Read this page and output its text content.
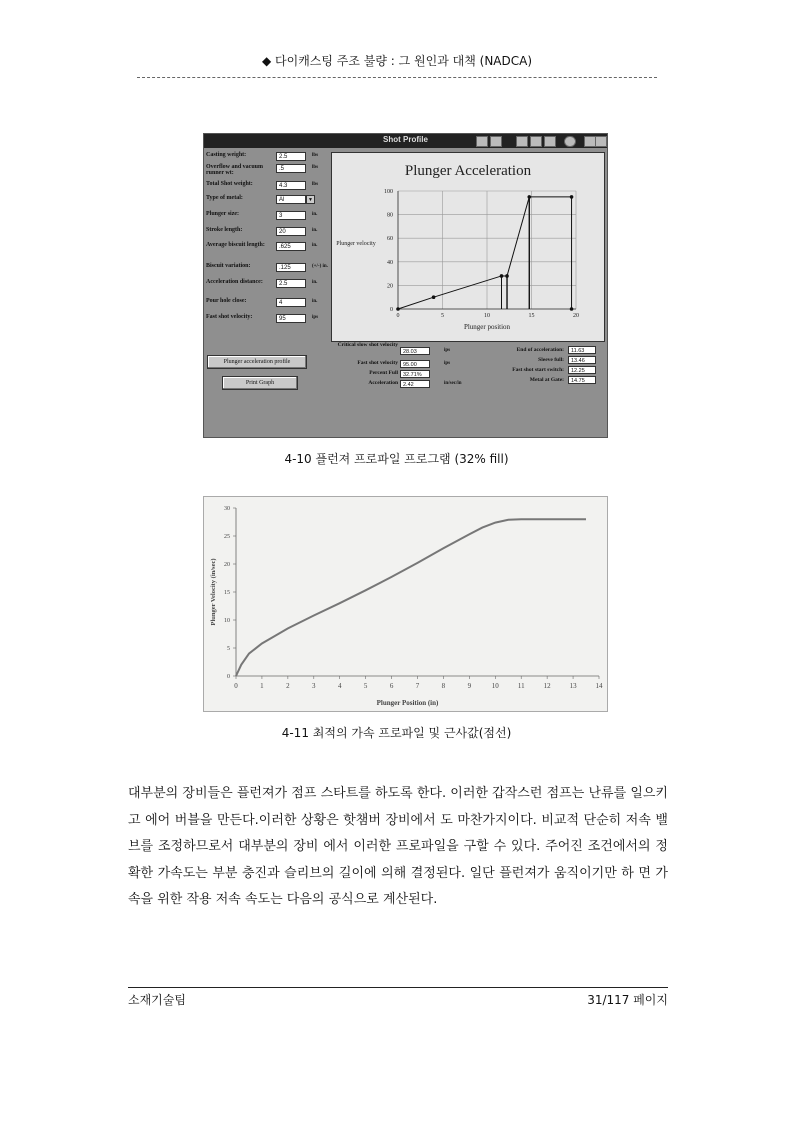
◆ 다이캐스팅 주조 불량 : 그 원인과 대책 (NADCA)
Shot Profile
Casting weight:	2.5	lbs
Overflow and vacuum runner wt:
.5	lbs
Total Shot weight:	4.3	lbs
Type of metal:	Al	▼
Plunger size:	3	in.
Stroke length:	20	in.
Average biscuit length:	.625	in.
Biscuit variation:	.125	(+/-) in.
Acceleration distance:	2.5	in.
Pour hole close:	4	in.
Fast shot velocity:	95	ips
Plunger Acceleration
0
20
40
60
80
100
0	5	10	15	20
Plunger position
Plunger velocity
Plunger acceleration profile
Print Graph
Critical slow shot velocity
28.03	ips
Fast shot velocity 95.00	ips
Percent Full 32.71%
Acceleration 2.42	in/sec/in
End of acceleration:	11.63
Sleeve full:	13.46
Fast shot start switch:	12.25
Metal at Gate:	14.75
4-10 플런져 프로파일 프로그램 (32% fill)
0
5
10
15
20
25
30
0	1	2	3	4	5	6	7	8	9	10	11	12	13	14
Plunger Position (in)
Plunger Velocity (in/sec)
4-11 최적의 가속 프로파일 및 근사값(점선)
대부분의 장비들은 플런져가 점프 스타트를 하도록 한다. 이러한 갑작스런 점프는 난류를 일으키고 에어 버블을 만든다.이러한 상황은 핫챔버 장비에서 도 마찬가지이다. 비교적 단순히 저속 밸브를 조정하므로서 대부분의 장비 에서 이러한 프로파일을 구할 수 있다. 주어진 조건에서의 정확한 가속도는 부분 충진과 슬리브의 길이에 의해 결정된다. 일단 플런져가 움직이기만 하 면 가속을 위한 작용 저속 속도는 다음의 공식으로 계산된다.
소재기술팀	31/117 페이지
